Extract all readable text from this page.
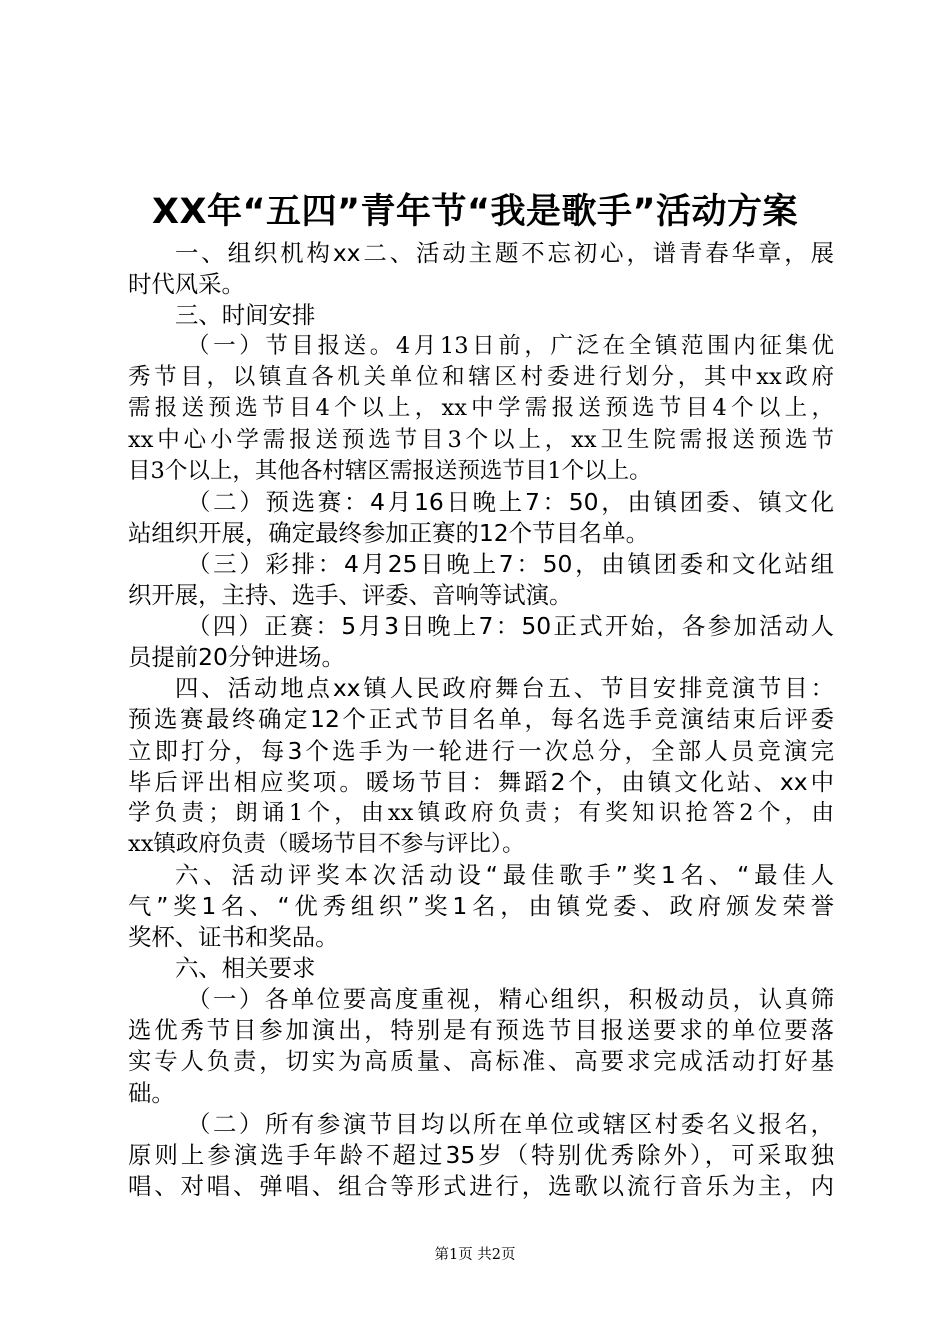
XX年“五四”青年节“我是歌手”活动方案
一、组织机构xx二、活动主题不忘初心，谱青春华章，展
时代风采。
三、时间安排
（一）节目报送。4月13日前，广泛在全镇范围内征集优
秀节目，以镇直各机关单位和辖区村委进行划分，其中xx政府
需报送预选节目4个以上，xx中学需报送预选节目4个以上，
xx中心小学需报送预选节目3个以上，xx卫生院需报送预选节
目3个以上，其他各村辖区需报送预选节目1个以上。
（二）预选赛：4月16日晚上7：50，由镇团委、镇文化
站组织开展，确定最终参加正赛的12个节目名单。
（三）彩排：4月25日晚上7：50，由镇团委和文化站组
织开展，主持、选手、评委、音响等试演。
（四）正赛：5月3日晚上7：50正式开始，各参加活动人
员提前20分钟进场。
四、活动地点xx镇人民政府舞台五、节目安排竞演节目：
预选赛最终确定12个正式节目名单，每名选手竞演结束后评委
立即打分，每3个选手为一轮进行一次总分，全部人员竞演完
毕后评出相应奖项。暖场节目：舞蹈2个，由镇文化站、xx中
学负责；朗诵1个，由xx镇政府负责；有奖知识抢答2个，由
xx镇政府负责（暖场节目不参与评比）。
六、活动评奖本次活动设“最佳歌手”奖1名、“最佳人
气”奖1名、“优秀组织”奖1名，由镇党委、政府颁发荣誉
奖杯、证书和奖品。
六、相关要求
（一）各单位要高度重视，精心组织，积极动员，认真筛
选优秀节目参加演出，特别是有预选节目报送要求的单位要落
实专人负责，切实为高质量、高标准、高要求完成活动打好基
础。
（二）所有参演节目均以所在单位或辖区村委名义报名，
原则上参演选手年龄不超过35岁（特别优秀除外），可采取独
唱、对唱、弹唱、组合等形式进行，选歌以流行音乐为主，内
第1页 共2页
